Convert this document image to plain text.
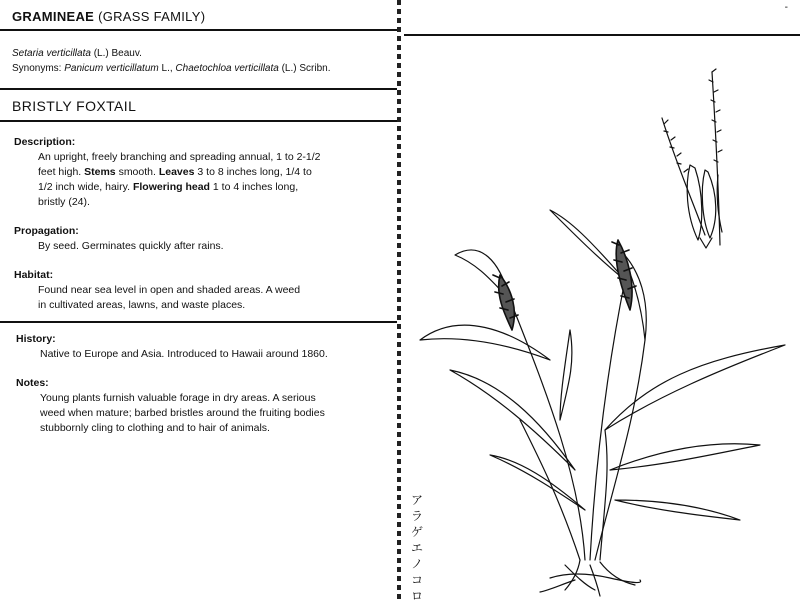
GRAMINEAE (GRASS FAMILY)
Setaria verticillata (L.) Beauv.
Synonyms: Panicum verticillatum L., Chaetochloa verticillata (L.) Scribn.
BRISTLY FOXTAIL
Description:
An upright, freely branching and spreading annual, 1 to 2-1/2
feet high. Stems smooth. Leaves 3 to 8 inches long, 1/4 to
1/2 inch wide, hairy. Flowering head 1 to 4 inches long,
bristly (24).
Propagation:
By seed. Germinates quickly after rains.
Habitat:
Found near sea level in open and shaded areas. A weed
in cultivated areas, lawns, and waste places.
History:
Native to Europe and Asia. Introduced to Hawaii around 1860.
Notes:
Young plants furnish valuable forage in dry areas. A serious
weed when mature; barbed bristles around the fruiting bodies
stubbornly cling to clothing and to hair of animals.
-
ア
ラ
ゲ
エ
ノ
コ
ロ
